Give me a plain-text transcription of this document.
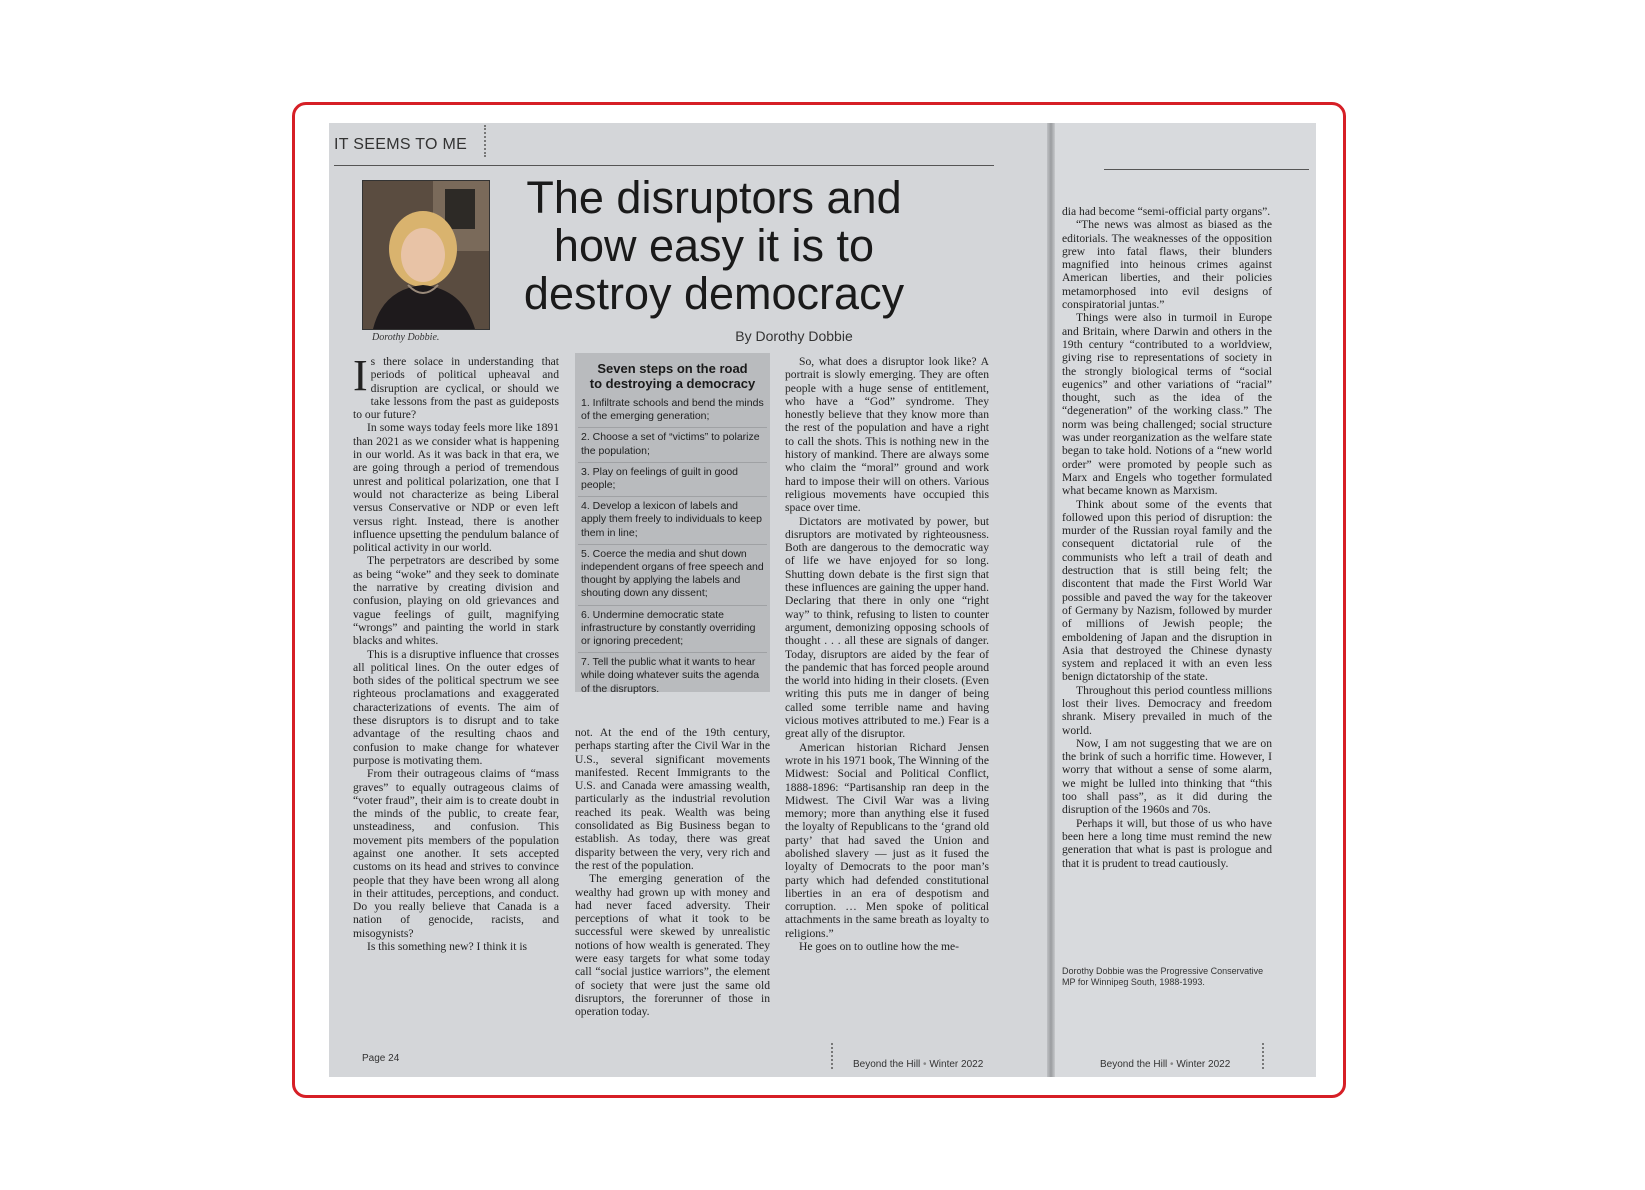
IT SEEMS TO ME
Dorothy Dobbie.
The disruptors and
how easy it is to
destroy democracy
By Dorothy Dobbie

Is there solace in understanding that periods of political upheaval and disruption are cyclical, or should we take lessons from the past as guideposts to our future?

In some ways today feels more like 1891 than 2021 as we consider what is happening in our world. As it was back in that era, we are going through a period of tremendous unrest and political polarization, one that I would not characterize as being Liberal versus Conservative or NDP or even left versus right. Instead, there is another influence upsetting the pendulum balance of political activity in our world.

The perpetrators are described by some as being “woke” and they seek to dominate the narrative by creating division and confusion, playing on old grievances and vague feelings of guilt, magnifying “wrongs” and painting the world in stark blacks and whites.

This is a disruptive influence that crosses all political lines. On the outer edges of both sides of the political spectrum we see righteous proclamations and exaggerated characterizations of events. The aim of these disruptors is to disrupt and to take advantage of the resulting chaos and confusion to make change for whatever purpose is motivating them.

From their outrageous claims of “mass graves” to equally outrageous claims of “voter fraud”, their aim is to create doubt in the minds of the public, to create fear, unsteadiness, and confusion. This movement pits members of the population against one another. It sets accepted customs on its head and strives to convince people that they have been wrong all along in their attitudes, perceptions, and conduct. Do you really believe that Canada is a nation of genocide, racists, and misogynists?

Is this something new? I think it is

Seven steps on the road
to destroying a democracy

1. Infiltrate schools and bend the minds of the emerging generation;

2. Choose a set of “victims” to polarize the population;

3. Play on feelings of guilt in good people;

4. Develop a lexicon of labels and apply them freely to individuals to keep them in line;

5. Coerce the media and shut down independent organs of free speech and thought by applying the labels and shouting down any dissent;

6. Undermine democratic state infrastructure by constantly overriding or ignoring precedent;

7. Tell the public what it wants to hear while doing whatever suits the agenda of the disruptors.

not. At the end of the 19th century, perhaps starting after the Civil War in the U.S., several significant movements manifested. Recent Immigrants to the U.S. and Canada were amassing wealth, particularly as the industrial revolution reached its peak. Wealth was being consolidated as Big Business began to establish. As today, there was great disparity between the very, very rich and the rest of the population.

The emerging generation of the wealthy had grown up with money and had never faced adversity. Their perceptions of what it took to be successful were skewed by unrealistic notions of how wealth is generated. They were easy targets for what some today call “social justice warriors”, the element of society that were just the same old disruptors, the forerunner of those in operation today.

So, what does a disruptor look like? A portrait is slowly emerging. They are often people with a huge sense of entitlement, who have a “God” syndrome. They honestly believe that they know more than the rest of the population and have a right to call the shots. This is nothing new in the history of mankind. There are always some who claim the “moral” ground and work hard to impose their will on others. Various religious movements have occupied this space over time.

Dictators are motivated by power, but disruptors are motivated by righteousness. Both are dangerous to the democratic way of life we have enjoyed for so long. Shutting down debate is the first sign that these influences are gaining the upper hand. Declaring that there in only one “right way” to think, refusing to listen to counter argument, demonizing opposing schools of thought . . . all these are signals of danger. Today, disruptors are aided by the fear of the pandemic that has forced people around the world into hiding in their closets. (Even writing this puts me in danger of being called some terrible name and having vicious motives attributed to me.) Fear is a great ally of the disruptor.

American historian Richard Jensen wrote in his 1971 book, The Winning of the Midwest: Social and Political Conflict, 1888-1896: “Partisanship ran deep in the Midwest. The Civil War was a living memory; more than anything else it fused the loyalty of Republicans to the ‘grand old party’ that had saved the Union and abolished slavery — just as it fused the loyalty of Democrats to the poor man’s party which had defended constitutional liberties in an era of despotism and corruption. … Men spoke of political attachments in the same breath as loyalty to religions.”

He goes on to outline how the me-

dia had become “semi-official party organs”.

“The news was almost as biased as the editorials. The weaknesses of the opposition grew into fatal flaws, their blunders magnified into heinous crimes against American liberties, and their policies metamorphosed into evil designs of conspiratorial juntas.”

Things were also in turmoil in Europe and Britain, where Darwin and others in the 19th century “contributed to a worldview, giving rise to representations of society in the strongly biological terms of “social eugenics” and other variations of “racial” thought, such as the idea of the “degeneration” of the working class.” The norm was being challenged; social structure was under reorganization as the welfare state began to take hold. Notions of a “new world order” were promoted by people such as Marx and Engels who together formulated what became known as Marxism.

Think about some of the events that followed upon this period of disruption: the murder of the Russian royal family and the consequent dictatorial rule of the communists who left a trail of death and destruction that is still being felt; the discontent that made the First World War possible and paved the way for the takeover of Germany by Nazism, followed by murder of millions of Jewish people; the emboldening of Japan and the disruption in Asia that destroyed the Chinese dynasty system and replaced it with an even less benign dictatorship of the state.

Throughout this period countless millions lost their lives. Democracy and freedom shrank. Misery prevailed in much of the world.

Now, I am not suggesting that we are on the brink of such a horrific time. However, I worry that without a sense of some alarm, we might be lulled into thinking that “this too shall pass”, as it did during the disruption of the 1960s and 70s.

Perhaps it will, but those of us who have been here a long time must remind the new generation that what is past is prologue and that it is prudent to tread cautiously.

Dorothy Dobbie was the Progressive Conservative MP for Winnipeg South, 1988-1993.
Page 24
Beyond the Hill • Winter 2022	Beyond the Hill • Winter 2022
